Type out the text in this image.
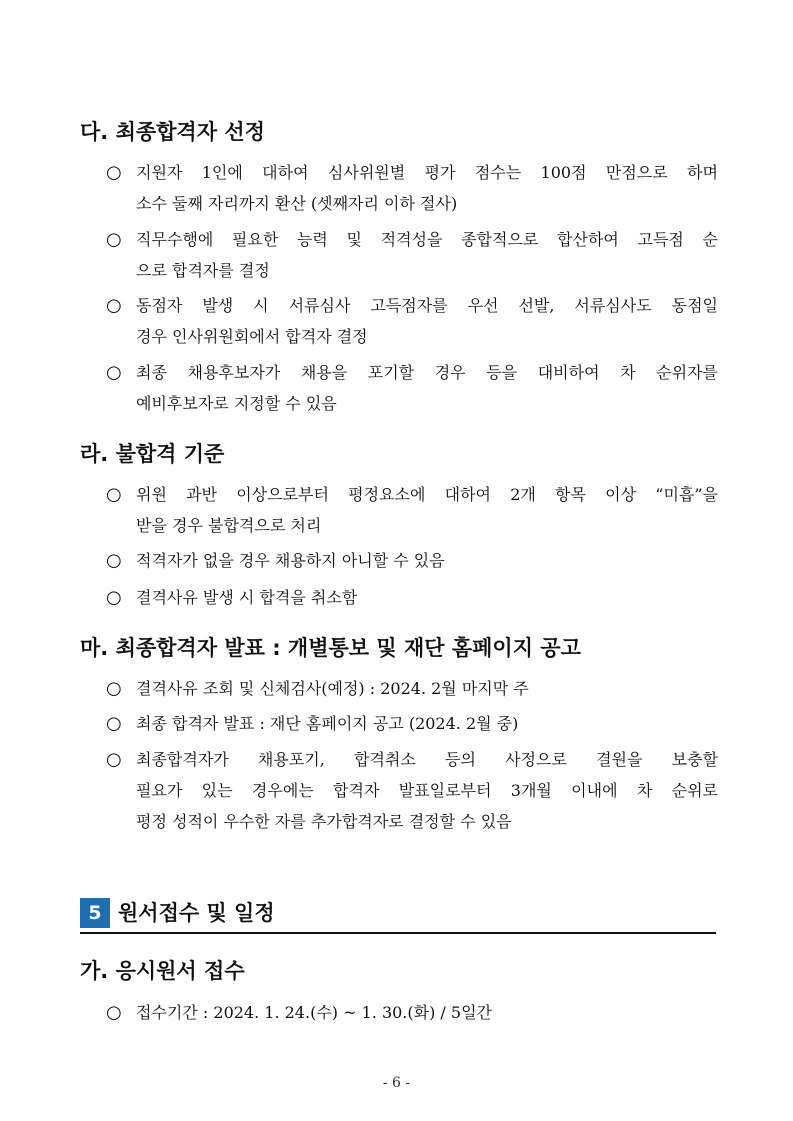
다. 최종합격자 선정
○ 지원자 1인에 대하여 심사위원별 평가 점수는 100점 만점으로 하며
소수 둘째 자리까지 환산 (셋째자리 이하 절사)
○ 직무수행에 필요한 능력 및 적격성을 종합적으로 합산하여 고득점 순
으로 합격자를 결정
○ 동점자 발생 시 서류심사 고득점자를 우선 선발, 서류심사도 동점일
경우 인사위원회에서 합격자 결정
○ 최종 채용후보자가 채용을 포기할 경우 등을 대비하여 차 순위자를
예비후보자로 지정할 수 있음
라. 불합격 기준
○ 위원 과반 이상으로부터 평정요소에 대하여 2개 항목 이상 “미흡”을
받을 경우 불합격으로 처리
○ 적격자가 없을 경우 채용하지 아니할 수 있음
○ 결격사유 발생 시 합격을 취소함
마. 최종합격자 발표 : 개별통보 및 재단 홈페이지 공고
○ 결격사유 조회 및 신체검사(예정) : 2024. 2월 마지막 주
○ 최종 합격자 발표 : 재단 홈페이지 공고 (2024. 2월 중)
○ 최종합격자가 채용포기, 합격취소 등의 사정으로 결원을 보충할
필요가 있는 경우에는 합격자 발표일로부터 3개월 이내에 차 순위로
평정 성적이 우수한 자를 추가합격자로 결정할 수 있음
5 원서접수 및 일정
가. 응시원서 접수
○ 접수기간 : 2024. 1. 24.(수) ~ 1. 30.(화) / 5일간
- 6 -
